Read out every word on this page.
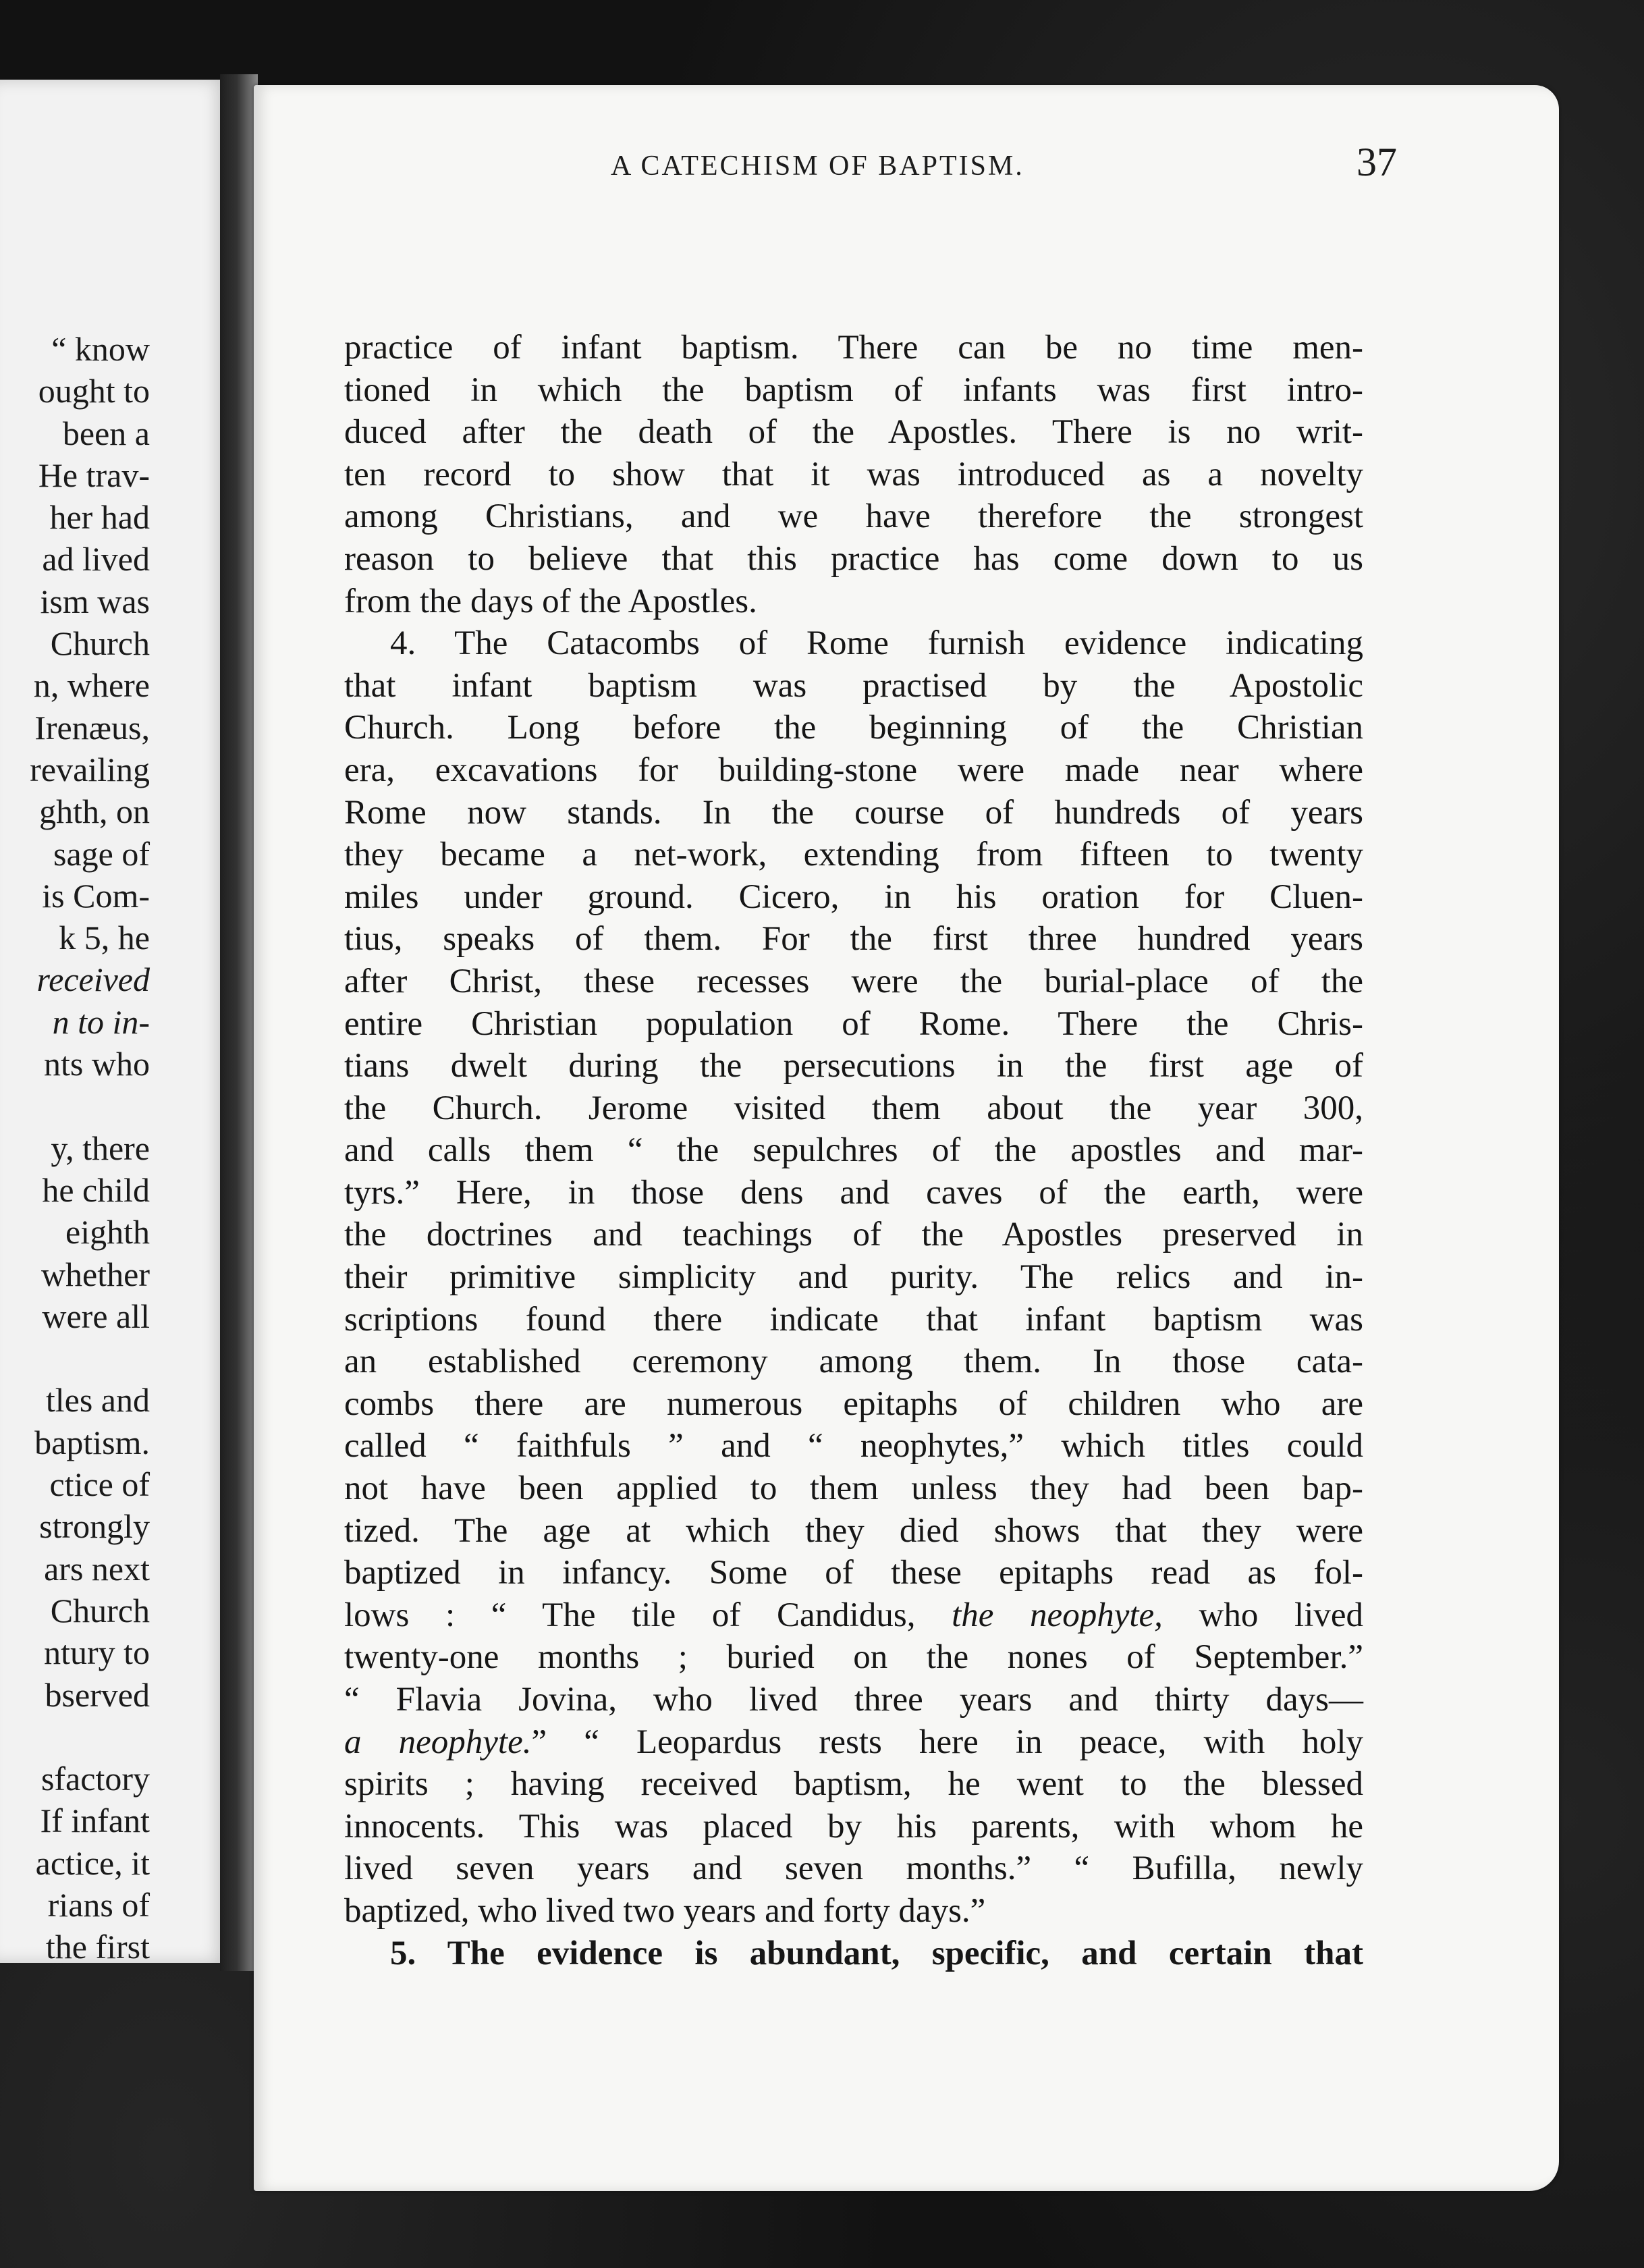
“ know
ought to
been a
He trav-
her had
ad lived
ism was
Church
n, where
Irenæus,
revailing
ghth, on
sage of
is Com-
k 5, he
received
n to in-
nts who
y, there
he child
eighth
whether
were all
tles and
baptism.
ctice of
strongly
ars next
Church
ntury to
bserved
sfactory
If infant
actice, it
rians of
the first
A CATECHISM OF BAPTISM.	37
practice of infant baptism. There can be no time men-
tioned in which the baptism of infants was first intro-
duced after the death of the Apostles. There is no writ-
ten record to show that it was introduced as a novelty
among Christians, and we have therefore the strongest
reason to believe that this practice has come down to us
from the days of the Apostles.
4. The Catacombs of Rome furnish evidence indicating
that infant baptism was practised by the Apostolic
Church. Long before the beginning of the Christian
era, excavations for building-stone were made near where
Rome now stands. In the course of hundreds of years
they became a net-work, extending from fifteen to twenty
miles under ground. Cicero, in his oration for Cluen-
tius, speaks of them. For the first three hundred years
after Christ, these recesses were the burial-place of the
entire Christian population of Rome. There the Chris-
tians dwelt during the persecutions in the first age of
the Church. Jerome visited them about the year 300,
and calls them “ the sepulchres of the apostles and mar-
tyrs.” Here, in those dens and caves of the earth, were
the doctrines and teachings of the Apostles preserved in
their primitive simplicity and purity. The relics and in-
scriptions found there indicate that infant baptism was
an established ceremony among them. In those cata-
combs there are numerous epitaphs of children who are
called “ faithfuls ” and “ neophytes,” which titles could
not have been applied to them unless they had been bap-
tized. The age at which they died shows that they were
baptized in infancy. Some of these epitaphs read as fol-
lows : “ The tile of Candidus, the neophyte, who lived
twenty-one months ; buried on the nones of September.”
“ Flavia Jovina, who lived three years and thirty days—
a neophyte.” “ Leopardus rests here in peace, with holy
spirits ; having received baptism, he went to the blessed
innocents. This was placed by his parents, with whom he
lived seven years and seven months.” “ Bufilla, newly
baptized, who lived two years and forty days.”
5. The evidence is abundant, specific, and certain that
